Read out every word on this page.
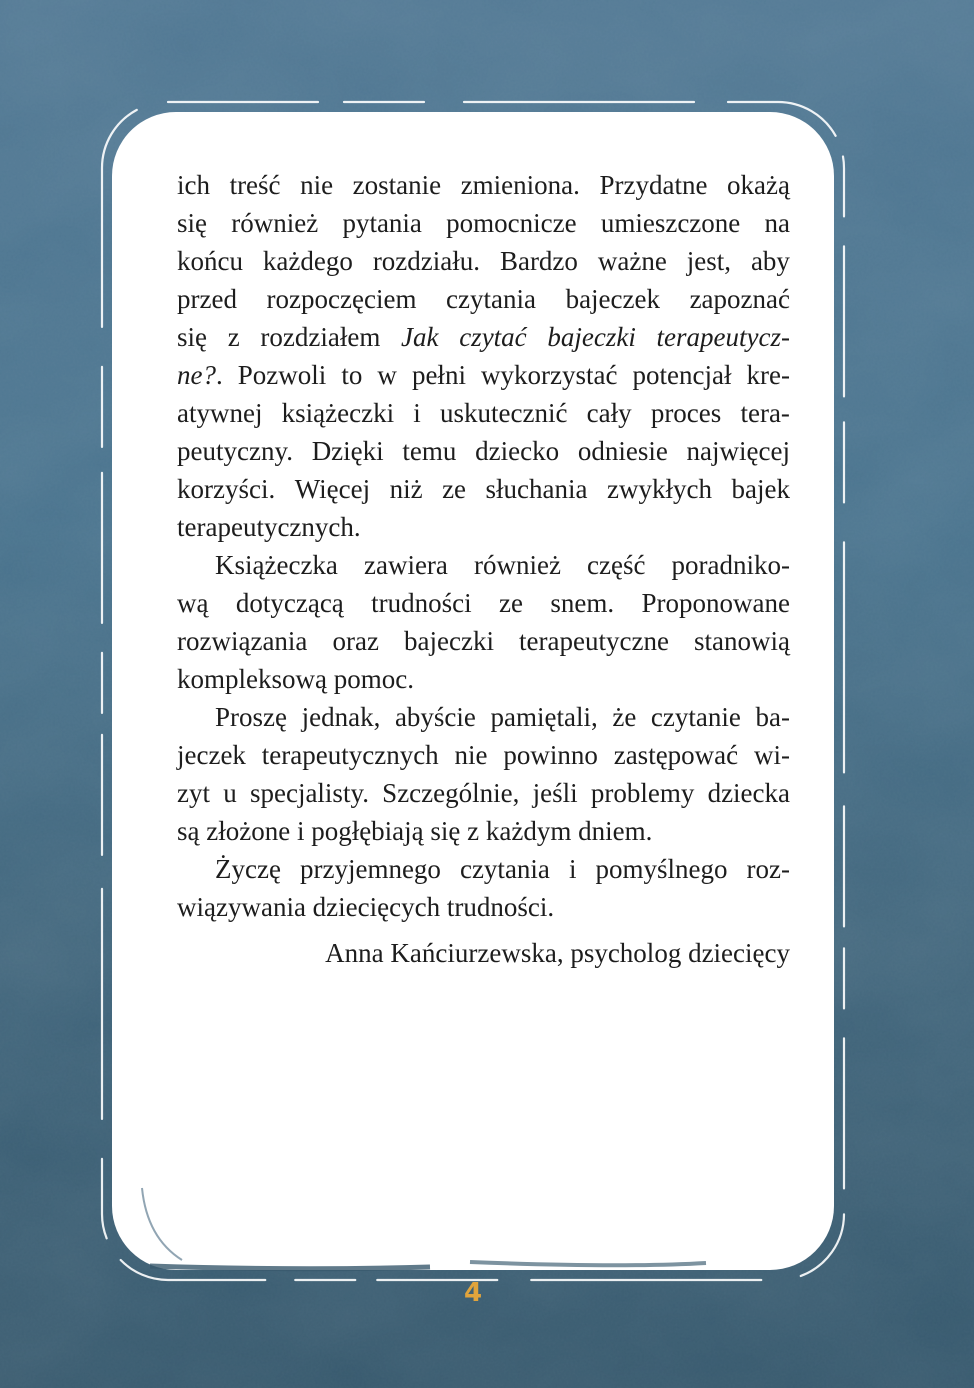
ich treść nie zostanie zmieniona. Przydatne okażą
się również pytania pomocnicze umieszczone na
końcu każdego rozdziału. Bardzo ważne jest, aby
przed rozpoczęciem czytania bajeczek zapoznać
się z rozdziałem Jak czytać bajeczki terapeutycz-
ne?. Pozwoli to w pełni wykorzystać potencjał kre-
atywnej książeczki i uskutecznić cały proces tera-
peutyczny. Dzięki temu dziecko odniesie najwięcej
korzyści. Więcej niż ze słuchania zwykłych bajek
terapeutycznych.
Książeczka zawiera również część poradniko-
wą dotyczącą trudności ze snem. Proponowane
rozwiązania oraz bajeczki terapeutyczne stanowią
kompleksową pomoc.
Proszę jednak, abyście pamiętali, że czytanie ba-
jeczek terapeutycznych nie powinno zastępować wi-
zyt u specjalisty. Szczególnie, jeśli problemy dziecka
są złożone i pogłębiają się z każdym dniem.
Życzę przyjemnego czytania i pomyślnego roz-
wiązywania dziecięcych trudności.
Anna Kańciurzewska, psycholog dziecięcy
4
